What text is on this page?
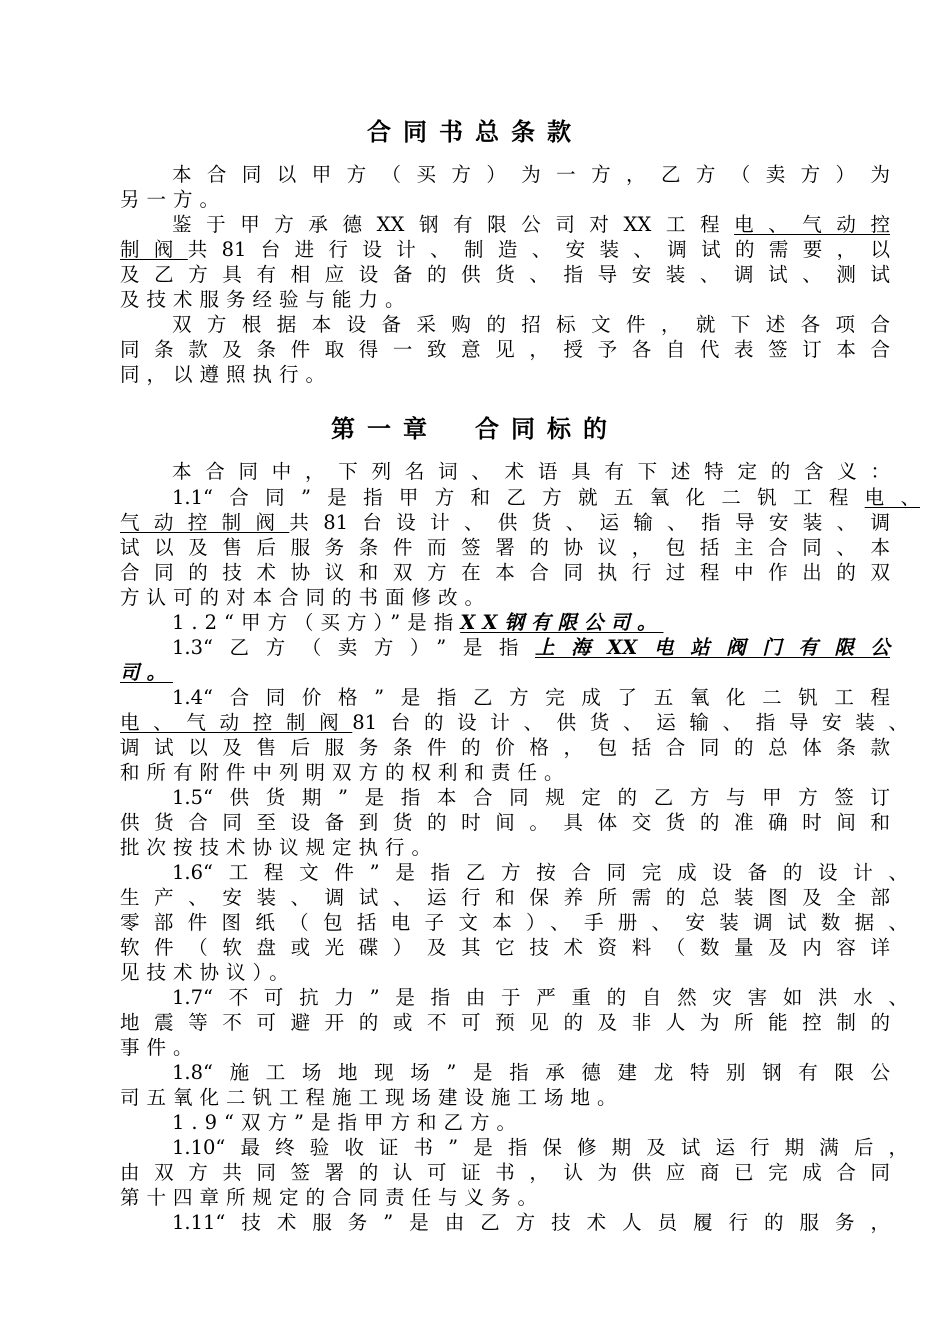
合同书总条款
本合同以甲方（买方）为一方，乙方（卖方）为
另一方。
鉴于甲方承德XX钢有限公司对XX工程电、气动控
制阀共81台进行设计、制造、安装、调试的需要，以
及乙方具有相应设备的供货、指导安装、调试、测试
及技术服务经验与能力。
双方根据本设备采购的招标文件，就下述各项合
同条款及条件取得一致意见，授予各自代表签订本合
同，以遵照执行。
第一章　合同标的
本合同中，下列名词、术语具有下述特定的含义：
1.1“合同”是指甲方和乙方就五氧化二钒工程电、
气动控制阀共81台设计、供货、运输、指导安装、调
试以及售后服务条件而签署的协议，包括主合同、本
合同的技术协议和双方在本合同执行过程中作出的双
方认可的对本合同的书面修改。
1.2“甲方（买方）”是指XX钢有限公司。
1.3“乙方（卖方）”是指上海XX电站阀门有限公
司。
1.4“合同价格”是指乙方完成了五氧化二钒工程
电、气动控制阀81台的设计、供货、运输、指导安装、
调试以及售后服务条件的价格，包括合同的总体条款
和所有附件中列明双方的权利和责任。
1.5“供货期”是指本合同规定的乙方与甲方签订
供货合同至设备到货的时间。具体交货的准确时间和
批次按技术协议规定执行。
1.6“工程文件”是指乙方按合同完成设备的设计、
生产、安装、调试、运行和保养所需的总装图及全部
零部件图纸（包括电子文本）、手册、安装调试数据、
软件（软盘或光碟）及其它技术资料（数量及内容详
见技术协议）。
1.7“不可抗力”是指由于严重的自然灾害如洪水、
地震等不可避开的或不可预见的及非人为所能控制的
事件。
1.8“施工场地现场”是指承德建龙特别钢有限公
司五氧化二钒工程施工现场建设施工场地。
1.9“双方”是指甲方和乙方。
1.10“最终验收证书”是指保修期及试运行期满后，
由双方共同签署的认可证书，认为供应商已完成合同
第十四章所规定的合同责任与义务。
1.11“技术服务”是由乙方技术人员履行的服务，
